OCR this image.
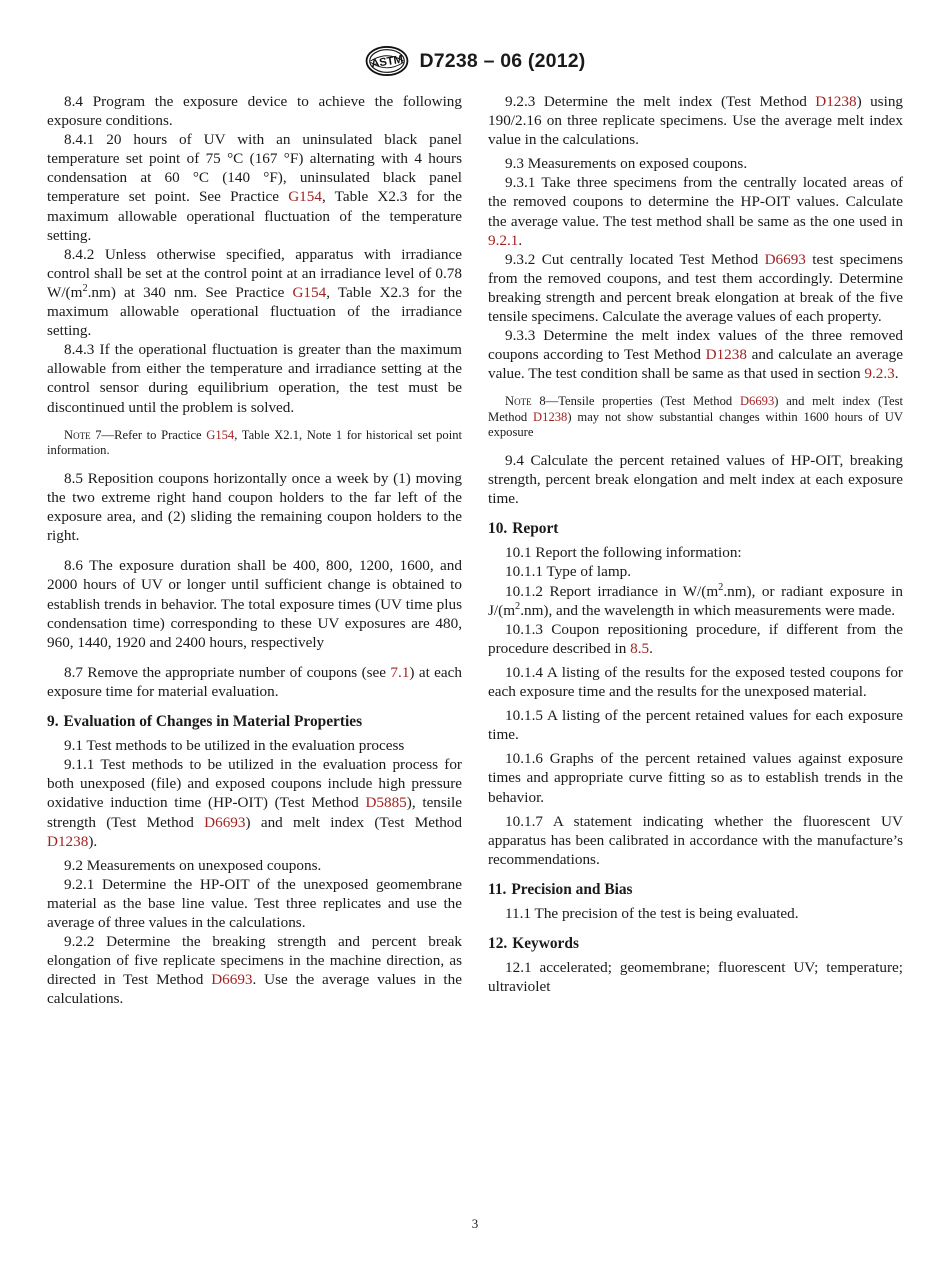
ASTM D7238 – 06 (2012)

8.4 Program the exposure device to achieve the following exposure conditions.

8.4.1 20 hours of UV with an uninsulated black panel temperature set point of 75 °C (167 °F) alternating with 4 hours condensation at 60 °C (140 °F), uninsulated black panel temperature set point. See Practice G154, Table X2.3 for the maximum allowable operational fluctuation of the temperature setting.

8.4.2 Unless otherwise specified, apparatus with irradiance control shall be set at the control point at an irradiance level of 0.78 $W/(m^2.nm)$ at 340 nm. See Practice G154, Table X2.3 for the maximum allowable operational fluctuation of the irradiance setting.

8.4.3 If the operational fluctuation is greater than the maximum allowable from either the temperature and irradiance setting at the control sensor during equilibrium operation, the test must be discontinued until the problem is solved.

Note 7—Refer to Practice G154, Table X2.1, Note 1 for historical set point information.

8.5 Reposition coupons horizontally once a week by (1) moving the two extreme right hand coupon holders to the far left of the exposure area, and (2) sliding the remaining coupon holders to the right.

8.6 The exposure duration shall be 400, 800, 1200, 1600, and 2000 hours of UV or longer until sufficient change is obtained to establish trends in behavior. The total exposure times (UV time plus condensation time) corresponding to these UV exposures are 480, 960, 1440, 1920 and 2400 hours, respectively

8.7 Remove the appropriate number of coupons (see 7.1) at each exposure time for material evaluation.

9. Evaluation of Changes in Material Properties

9.1 Test methods to be utilized in the evaluation process

9.1.1 Test methods to be utilized in the evaluation process for both unexposed (file) and exposed coupons include high pressure oxidative induction time (HP-OIT) (Test Method D5885), tensile strength (Test Method D6693) and melt index (Test Method D1238).

9.2 Measurements on unexposed coupons.

9.2.1 Determine the HP-OIT of the unexposed geomembrane material as the base line value. Test three replicates and use the average of three values in the calculations.

9.2.2 Determine the breaking strength and percent break elongation of five replicate specimens in the machine direction, as directed in Test Method D6693. Use the average values in the calculations.

9.2.3 Determine the melt index (Test Method D1238) using 190/2.16 on three replicate specimens. Use the average melt index value in the calculations.

9.3 Measurements on exposed coupons.

9.3.1 Take three specimens from the centrally located areas of the removed coupons to determine the HP-OIT values. Calculate the average value. The test method shall be same as the one used in 9.2.1.

9.3.2 Cut centrally located Test Method D6693 test specimens from the removed coupons, and test them accordingly. Determine breaking strength and percent break elongation at break of the five tensile specimens. Calculate the average values of each property.

9.3.3 Determine the melt index values of the three removed coupons according to Test Method D1238 and calculate an average value. The test condition shall be same as that used in section 9.2.3.

Note 8—Tensile properties (Test Method D6693) and melt index (Test Method D1238) may not show substantial changes within 1600 hours of UV exposure

9.4 Calculate the percent retained values of HP-OIT, breaking strength, percent break elongation and melt index at each exposure time.

10. Report

10.1 Report the following information:

10.1.1 Type of lamp.

10.1.2 Report irradiance in $W/(m^2.nm)$, or radiant exposure in $J/(m^2.nm)$, and the wavelength in which measurements were made.

10.1.3 Coupon repositioning procedure, if different from the procedure described in 8.5.

10.1.4 A listing of the results for the exposed tested coupons for each exposure time and the results for the unexposed material.

10.1.5 A listing of the percent retained values for each exposure time.

10.1.6 Graphs of the percent retained values against exposure times and appropriate curve fitting so as to establish trends in the behavior.

10.1.7 A statement indicating whether the fluorescent UV apparatus has been calibrated in accordance with the manufacture’s recommendations.

11. Precision and Bias

11.1 The precision of the test is being evaluated.

12. Keywords

12.1 accelerated; geomembrane; fluorescent UV; temperature; ultraviolet

3
